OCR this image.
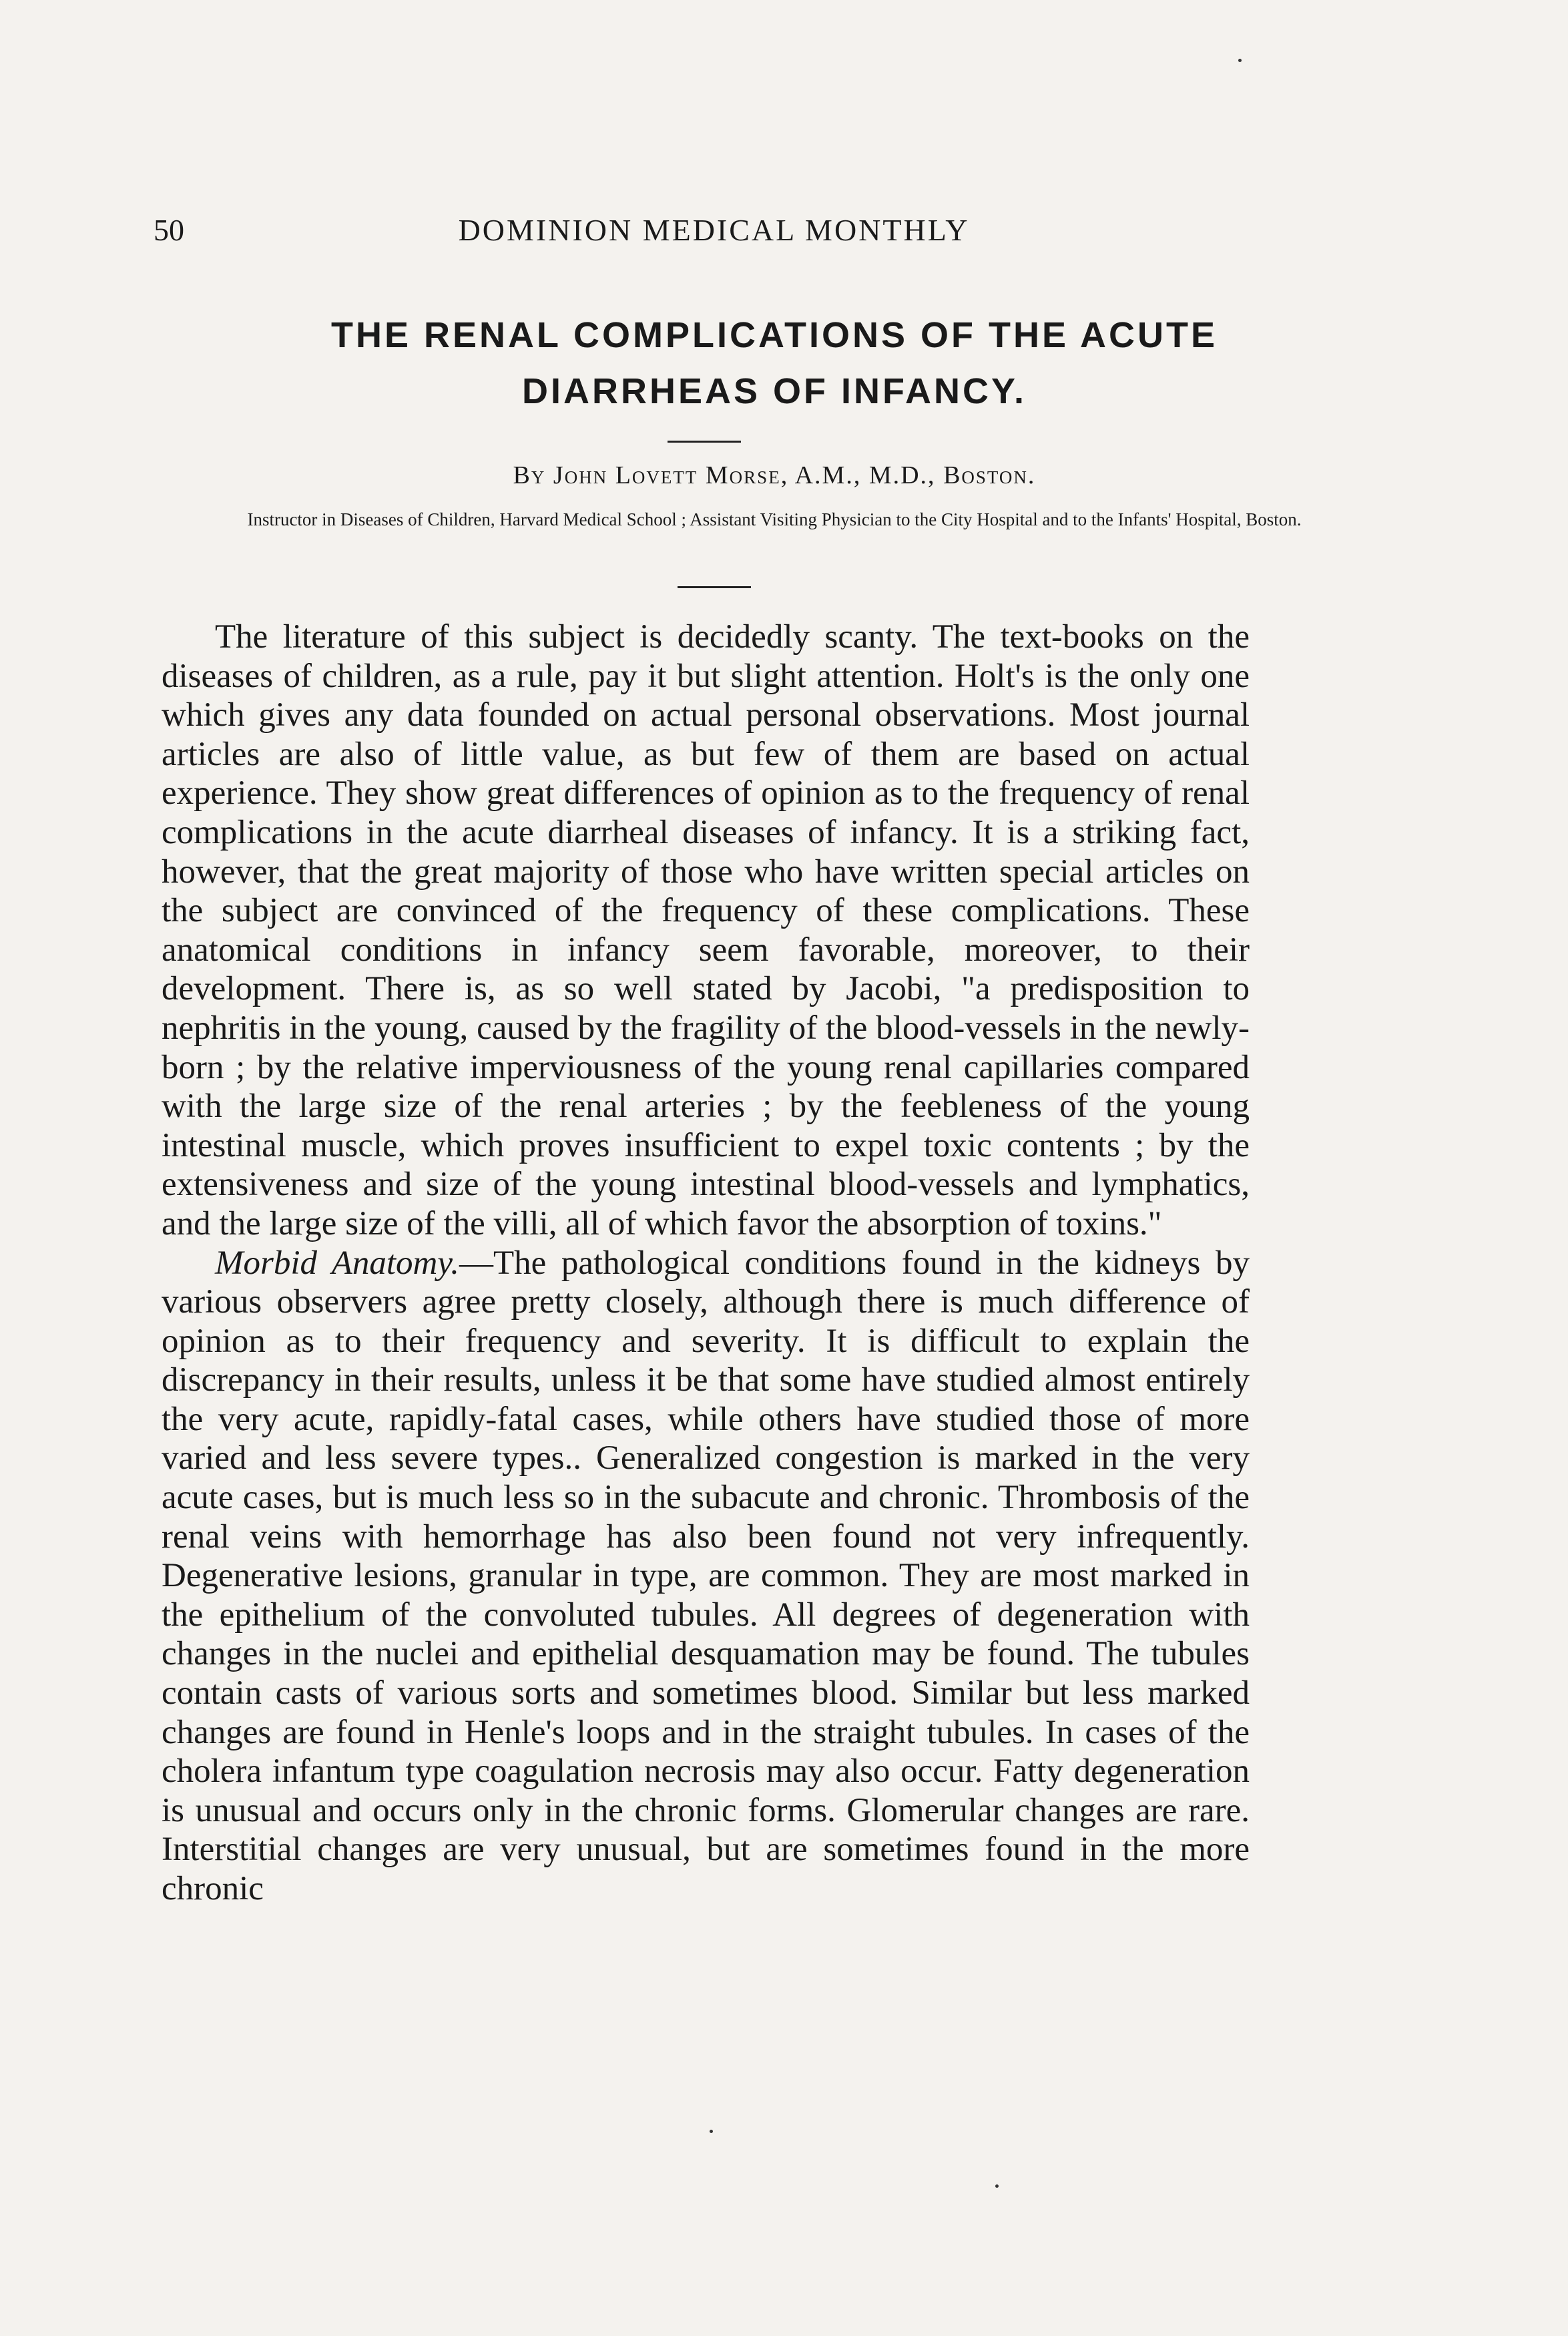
50	DOMINION MEDICAL MONTHLY
THE RENAL COMPLICATIONS OF THE ACUTE
DIARRHEAS OF INFANCY.
By John Lovett Morse, A.M., M.D., Boston.
Instructor in Diseases of Children, Harvard Medical School ; Assistant Visiting Physician to the City Hospital and to the Infants' Hospital, Boston.

The literature of this subject is decidedly scanty. The text-books on the diseases of children, as a rule, pay it but slight attention. Holt's is the only one which gives any data founded on actual personal observations. Most journal articles are also of little value, as but few of them are based on actual experience. They show great differences of opinion as to the frequency of renal complications in the acute diarrheal diseases of infancy. It is a striking fact, however, that the great majority of those who have written special articles on the subject are convinced of the frequency of these complications. These anatomical conditions in infancy seem favorable, moreover, to their development. There is, as so well stated by Jacobi, "a predisposition to nephritis in the young, caused by the fragility of the blood-vessels in the newly-born ; by the relative imperviousness of the young renal capillaries compared with the large size of the renal arteries ; by the feebleness of the young intestinal muscle, which proves insufficient to expel toxic contents ; by the extensiveness and size of the young intestinal blood-vessels and lymphatics, and the large size of the villi, all of which favor the absorption of toxins."

Morbid Anatomy.—The pathological conditions found in the kidneys by various observers agree pretty closely, although there is much difference of opinion as to their frequency and severity. It is difficult to explain the discrepancy in their results, unless it be that some have studied almost entirely the very acute, rapidly-fatal cases, while others have studied those of more varied and less severe types.. Generalized congestion is marked in the very acute cases, but is much less so in the subacute and chronic. Thrombosis of the renal veins with hemorrhage has also been found not very infrequently. Degenerative lesions, granular in type, are common. They are most marked in the epithelium of the convoluted tubules. All degrees of degeneration with changes in the nuclei and epithelial desquamation may be found. The tubules contain casts of various sorts and sometimes blood. Similar but less marked changes are found in Henle's loops and in the straight tubules. In cases of the cholera infantum type coagulation necrosis may also occur. Fatty degeneration is unusual and occurs only in the chronic forms. Glomerular changes are rare. Interstitial changes are very unusual, but are sometimes found in the more chronic
